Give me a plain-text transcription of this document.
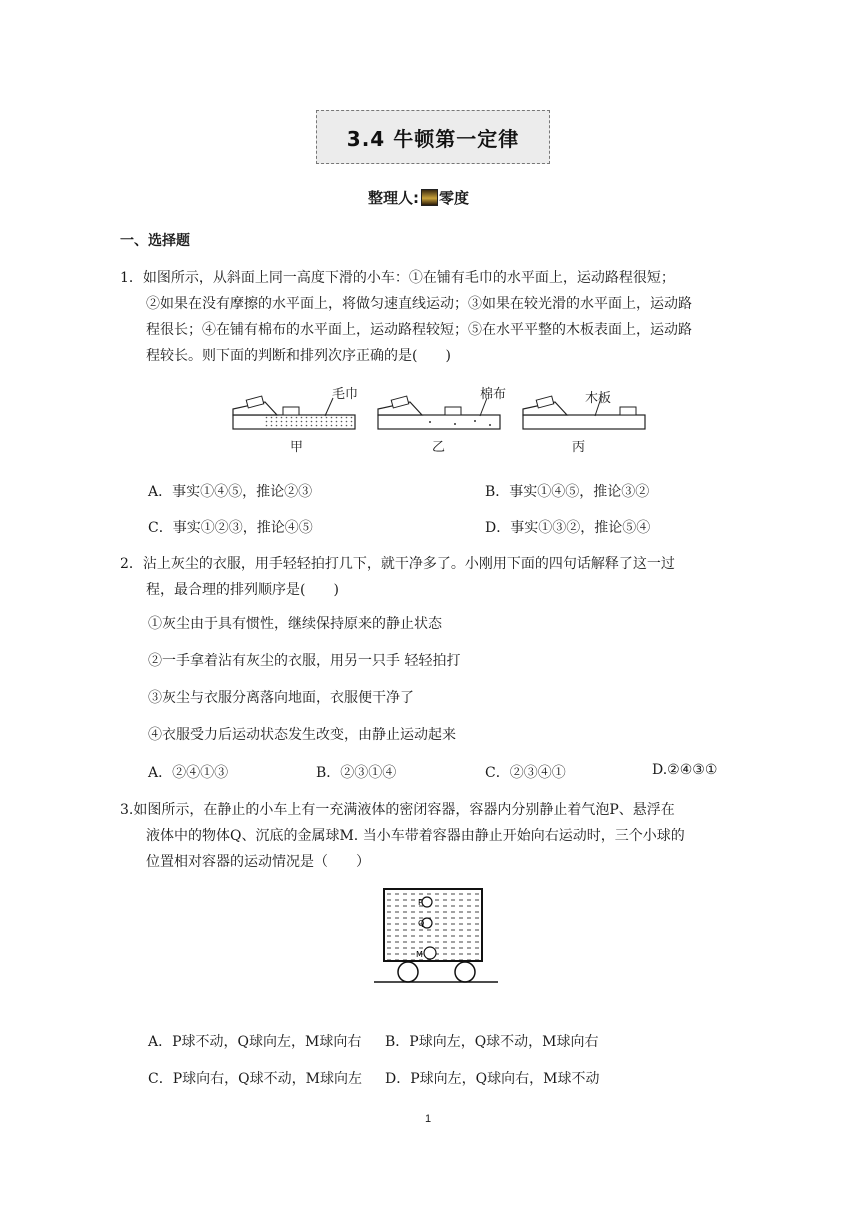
3.4 牛顿第一定律
整理人: 零度
一、选择题
1．如图所示，从斜面上同一高度下滑的小车：①在铺有毛巾的水平面上，运动路程很短；
②如果在没有摩擦的水平面上，将做匀速直线运动；③如果在较光滑的水平面上，运动路
程很长；④在铺有棉布的水平面上，运动路程较短；⑤在水平平整的木板表面上，运动路
程较长。则下面的判断和排列次序正确的是(　　)
毛巾	棉布	木板
甲	乙	丙
A．事实①④⑤，推论②③	B．事实①④⑤，推论③②
C．事实①②③，推论④⑤	D．事实①③②，推论⑤④
2．沾上灰尘的衣服，用手轻轻拍打几下，就干净多了。小刚用下面的四句话解释了这一过
程，最合理的排列顺序是(　　)
①灰尘由于具有惯性，继续保持原来的静止状态
②一手拿着沾有灰尘的衣服，用另一只手 轻轻拍打
③灰尘与衣服分离落向地面，衣服便干净了
④衣服受力后运动状态发生改变，由静止运动起来
A．②④①③	B．②③①④	C．②③④①	D.②④③①
3.如图所示，在静止的小车上有一充满液体的密闭容器，容器内分别静止着气泡P、悬浮在
液体中的物体Q、沉底的金属球M. 当小车带着容器由静止开始向右运动时，三个小球的
位置相对容器的运动情况是（　　）
P
Q
M
A．P球不动，Q球向左，M球向右 B．P球向左，Q球不动，M球向右
C．P球向右，Q球不动，M球向左 D．P球向左，Q球向右，M球不动
1
